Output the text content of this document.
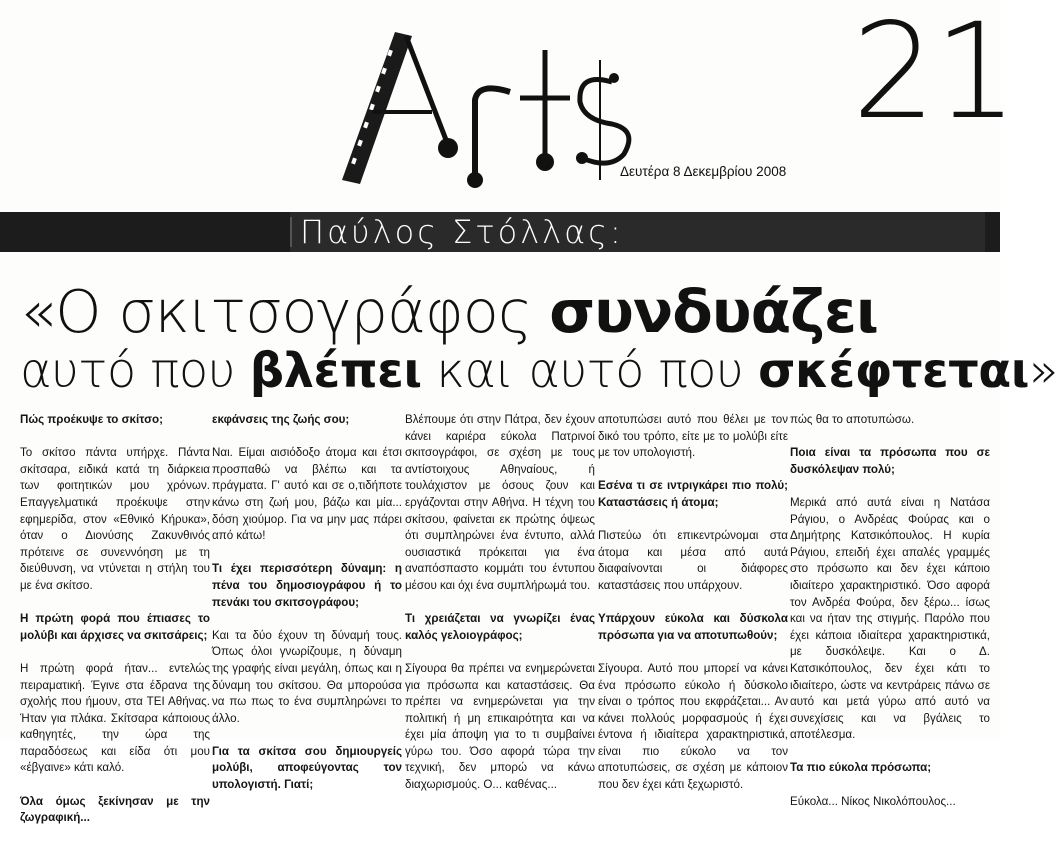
21
Δευτέρα 8 Δεκεμβρίου 2008
Παύλος Στόλλας:
«Ο σκιτσογράφος συνδυάζει
αυτό που βλέπει και αυτό που σκέφτεται»

Πώς προέκυψε το σκίτσο;

Το σκίτσο πάντα υπήρχε. Πάντα σκίτσαρα, ειδικά κατά τη διάρκεια των φοιτητικών μου χρόνων. Επαγγελματικά προέκυψε στην εφημερίδα, στον «Εθνικό Κήρυκα», όταν ο Διονύσης Ζακυνθινός πρότεινε σε συνεννόηση με τη διεύθυνση, να ντύνεται η στήλη του με ένα σκίτσο.

Η πρώτη φορά που έπιασες το μολύβι και άρχισες να σκιτσάρεις;

Η πρώτη φορά ήταν... εντελώς πειραματική. Έγινε στα έδρανα της σχολής που ήμουν, στα ΤΕΙ Αθήνας. Ήταν για πλάκα. Σκίτσαρα κάποιους καθηγητές, την ώρα της παραδόσεως και είδα ότι μου «έβγαινε» κάτι καλό.

Όλα όμως ξεκίνησαν με την ζωγραφική...

εκφάνσεις της ζωής σου;

Ναι. Είμαι αισιόδοξο άτομα και έτσι προσπαθώ να βλέπω και τα πράγματα. Γ' αυτό και σε ο,τιδήποτε κάνω στη ζωή μου, βάζω και μία... δόση χιούμορ. Για να μην μας πάρει από κάτω!

Τι έχει περισσότερη δύναμη: η πένα του δημοσιογράφου ή το πενάκι του σκιτσογράφου;

Και τα δύο έχουν τη δύναμή τους. Όπως όλοι γνωρίζουμε, η δύναμη της γραφής είναι μεγάλη, όπως και η δύναμη του σκίτσου. Θα μπορούσα να πω πως το ένα συμπληρώνει το άλλο.

Για τα σκίτσα σου δημιουργείς μολύβι, αποφεύγοντας τον υπολογιστή. Γιατί;

Βλέπουμε ότι στην Πάτρα, δεν έχουν κάνει καριέρα εύκολα Πατρινοί σκιτσογράφοι, σε σχέση με τους αντίστοιχους Αθηναίους, ή τουλάχιστον με όσους ζουν και εργάζονται στην Αθήνα. Η τέχνη του σκίτσου, φαίνεται εκ πρώτης όψεως ότι συμπληρώνει ένα έντυπο, αλλά ουσιαστικά πρόκειται για ένα αναπόσπαστο κομμάτι του έντυπου μέσου και όχι ένα συμπλήρωμά του.

Τι χρειάζεται να γνωρίζει ένας καλός γελοιογράφος;

Σίγουρα θα πρέπει να ενημερώνεται για πρόσωπα και καταστάσεις. Θα πρέπει να ενημερώνεται για την πολιτική ή μη επικαιρότητα και να έχει μία άποψη για το τι συμβαίνει γύρω του. Όσο αφορά τώρα την τεχνική, δεν μπορώ να κάνω διαχωρισμούς. Ο... καθένας...

αποτυπώσει αυτό που θέλει με τον δικό του τρόπο, είτε με το μολύβι είτε με τον υπολογιστή.

Εσένα τι σε ιντριγκάρει πιο πολύ; Καταστάσεις ή άτομα;

Πιστεύω ότι επικεντρώνομαι στα άτομα και μέσα από αυτά διαφαίνονται οι διάφορες καταστάσεις που υπάρχουν.

Υπάρχουν εύκολα και δύσκολα πρόσωπα για να αποτυπωθούν;

Σίγουρα. Αυτό που μπορεί να κάνει ένα πρόσωπο εύκολο ή δύσκολο είναι ο τρόπος που εκφράζεται... Αν κάνει πολλούς μορφασμούς ή έχει έντονα ή ιδιαίτερα χαρακτηριστικά, είναι πιο εύκολο να τον αποτυπώσεις, σε σχέση με κάποιον που δεν έχει κάτι ξεχωριστό.

πώς θα το αποτυπώσω.

Ποια είναι τα πρόσωπα που σε δυσκόλεψαν πολύ;

Μερικά από αυτά είναι η Νατάσα Ράγιου, ο Ανδρέας Φούρας και ο Δημήτρης Κατσικόπουλος. Η κυρία Ράγιου, επειδή έχει απαλές γραμμές στο πρόσωπο και δεν έχει κάποιο ιδιαίτερο χαρακτηριστικό. Όσο αφορά τον Ανδρέα Φούρα, δεν ξέρω... ίσως και να ήταν της στιγμής. Παρόλο που έχει κάποια ιδιαίτερα χαρακτηριστικά, με δυσκόλεψε. Και ο Δ. Κατσικόπουλος, δεν έχει κάτι το ιδιαίτερο, ώστε να κεντράρεις πάνω σε αυτό και μετά γύρω από αυτό να συνεχίσεις και να βγάλεις το αποτέλεσμα.

Τα πιο εύκολα πρόσωπα;

Εύκολα... Νίκος Νικολόπουλος...
